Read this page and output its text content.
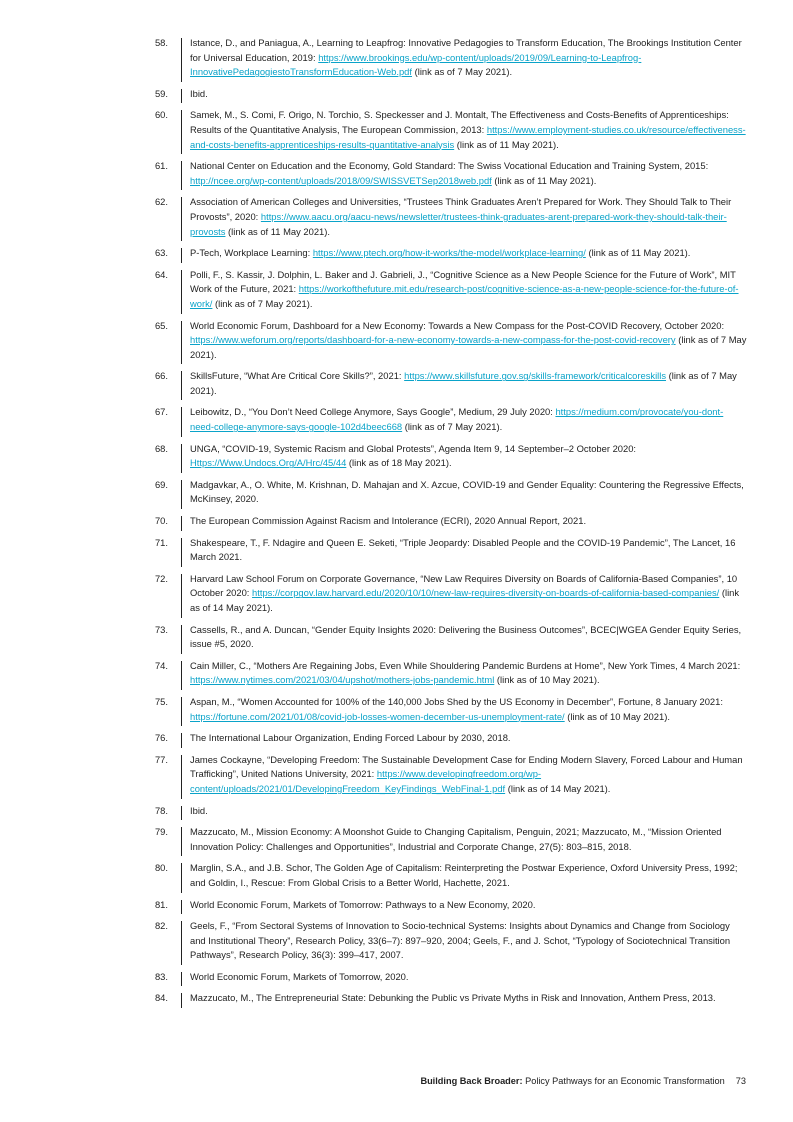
58. Istance, D., and Paniagua, A., Learning to Leapfrog: Innovative Pedagogies to Transform Education, The Brookings Institution Center for Universal Education, 2019: https://www.brookings.edu/wp-content/uploads/2019/09/Learning-to-Leapfrog-InnovativePedagogiestoTransformEducation-Web.pdf (link as of 7 May 2021).
59. Ibid.
60. Samek, M., S. Comi, F. Origo, N. Torchio, S. Speckesser and J. Montalt, The Effectiveness and Costs-Benefits of Apprenticeships: Results of the Quantitative Analysis, The European Commission, 2013: https://www.employment-studies.co.uk/resource/effectiveness-and-costs-benefits-apprenticeships-results-quantitative-analysis (link as of 11 May 2021).
61. National Center on Education and the Economy, Gold Standard: The Swiss Vocational Education and Training System, 2015: http://ncee.org/wp-content/uploads/2018/09/SWISSVETSep2018web.pdf (link as of 11 May 2021).
62. Association of American Colleges and Universities, “Trustees Think Graduates Aren’t Prepared for Work. They Should Talk to Their Provosts”, 2020: https://www.aacu.org/aacu-news/newsletter/trustees-think-graduates-arent-prepared-work-they-should-talk-their-provosts (link as of 11 May 2021).
63. P-Tech, Workplace Learning: https://www.ptech.org/how-it-works/the-model/workplace-learning/ (link as of 11 May 2021).
64. Polli, F., S. Kassir, J. Dolphin, L. Baker and J. Gabrieli, J., “Cognitive Science as a New People Science for the Future of Work”, MIT Work of the Future, 2021: https://workofthefuture.mit.edu/research-post/cognitive-science-as-a-new-people-science-for-the-future-of-work/ (link as of 7 May 2021).
65. World Economic Forum, Dashboard for a New Economy: Towards a New Compass for the Post-COVID Recovery, October 2020: https://www.weforum.org/reports/dashboard-for-a-new-economy-towards-a-new-compass-for-the-post-covid-recovery (link as of 7 May 2021).
66. SkillsFuture, “What Are Critical Core Skills?”, 2021: https://www.skillsfuture.gov.sg/skills-framework/criticalcoreskills (link as of 7 May 2021).
67. Leibowitz, D., “You Don’t Need College Anymore, Says Google”, Medium, 29 July 2020: https://medium.com/provocate/you-dont-need-college-anymore-says-google-102d4beec668 (link as of 7 May 2021).
68. UNGA, “COVID-19, Systemic Racism and Global Protests”, Agenda Item 9, 14 September–2 October 2020: Https://Www.Undocs.Org/A/Hrc/45/44 (link as of 18 May 2021).
69. Madgavkar, A., O. White, M. Krishnan, D. Mahajan and X. Azcue, COVID-19 and Gender Equality: Countering the Regressive Effects, McKinsey, 2020.
70. The European Commission Against Racism and Intolerance (ECRI), 2020 Annual Report, 2021.
71. Shakespeare, T., F. Ndagire and Queen E. Seketi, “Triple Jeopardy: Disabled People and the COVID-19 Pandemic”, The Lancet, 16 March 2021.
72. Harvard Law School Forum on Corporate Governance, “New Law Requires Diversity on Boards of California-Based Companies”, 10 October 2020: https://corpgov.law.harvard.edu/2020/10/10/new-law-requires-diversity-on-boards-of-california-based-companies/ (link as of 14 May 2021).
73. Cassells, R., and A. Duncan, “Gender Equity Insights 2020: Delivering the Business Outcomes”, BCEC|WGEA Gender Equity Series, issue #5, 2020.
74. Cain Miller, C., “Mothers Are Regaining Jobs, Even While Shouldering Pandemic Burdens at Home”, New York Times, 4 March 2021: https://www.nytimes.com/2021/03/04/upshot/mothers-jobs-pandemic.html (link as of 10 May 2021).
75. Aspan, M., “Women Accounted for 100% of the 140,000 Jobs Shed by the US Economy in December”, Fortune, 8 January 2021: https://fortune.com/2021/01/08/covid-job-losses-women-december-us-unemployment-rate/ (link as of 10 May 2021).
76. The International Labour Organization, Ending Forced Labour by 2030, 2018.
77. James Cockayne, “Developing Freedom: The Sustainable Development Case for Ending Modern Slavery, Forced Labour and Human Trafficking”, United Nations University, 2021: https://www.developingfreedom.org/wp-content/uploads/2021/01/DevelopingFreedom_KeyFindings_WebFinal-1.pdf (link as of 14 May 2021).
78. Ibid.
79. Mazzucato, M., Mission Economy: A Moonshot Guide to Changing Capitalism, Penguin, 2021; Mazzucato, M., “Mission Oriented Innovation Policy: Challenges and Opportunities”, Industrial and Corporate Change, 27(5): 803–815, 2018.
80. Marglin, S.A., and J.B. Schor, The Golden Age of Capitalism: Reinterpreting the Postwar Experience, Oxford University Press, 1992; and Goldin, I., Rescue: From Global Crisis to a Better World, Hachette, 2021.
81. World Economic Forum, Markets of Tomorrow: Pathways to a New Economy, 2020.
82. Geels, F., “From Sectoral Systems of Innovation to Socio-technical Systems: Insights about Dynamics and Change from Sociology and Institutional Theory”, Research Policy, 33(6–7): 897–920, 2004; Geels, F., and J. Schot, “Typology of Sociotechnical Transition Pathways”, Research Policy, 36(3): 399–417, 2007.
83. World Economic Forum, Markets of Tomorrow, 2020.
84. Mazzucato, M., The Entrepreneurial State: Debunking the Public vs Private Myths in Risk and Innovation, Anthem Press, 2013.
Building Back Broader: Policy Pathways for an Economic Transformation 73
